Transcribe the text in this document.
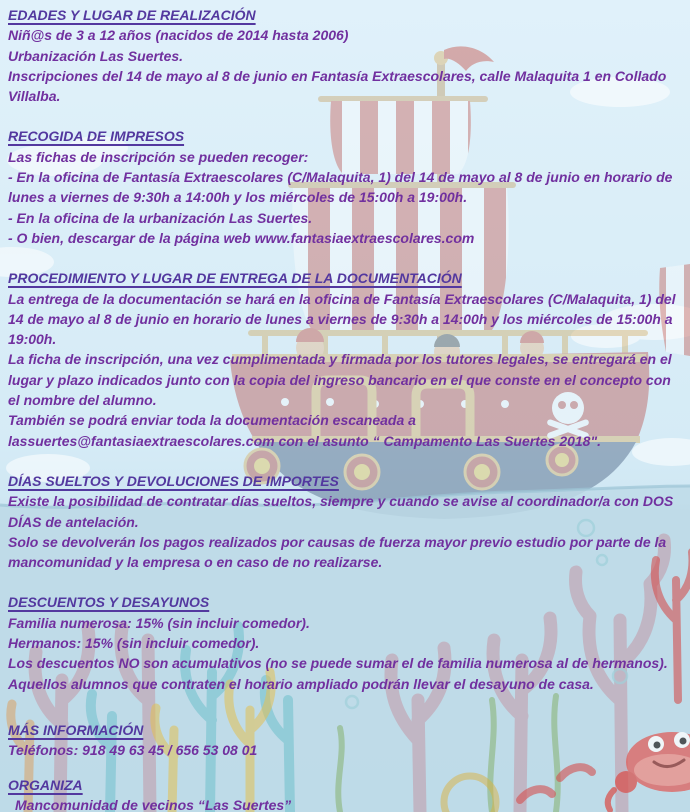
EDADES Y LUGAR DE REALIZACIÓN

Niñ@s de 3 a 12 años (nacidos de 2014 hasta 2006)

Urbanización Las Suertes.

Inscripciones del 14 de mayo al 8 de junio en Fantasía Extraescolares, calle Malaquita 1 en Collado Villalba.

RECOGIDA DE IMPRESOS

Las fichas de inscripción se pueden recoger:

- En la oficina de Fantasía Extraescolares (C/Malaquita, 1) del 14 de mayo al 8 de junio en horario de lunes a viernes de 9:30h a 14:00h y los miércoles de 15:00h a 19:00h.

- En la oficina de la urbanización Las Suertes.

- O bien, descargar de la página web www.fantasiaextraescolares.com

PROCEDIMIENTO Y LUGAR DE ENTREGA DE LA DOCUMENTACIÓN

La entrega de la documentación se hará en la oficina de Fantasía Extraescolares (C/Malaquita, 1) del 14 de mayo al 8 de junio en horario de lunes a viernes de 9:30h a 14:00h y los miércoles de 15:00h a 19:00h.

La ficha de inscripción, una vez cumplimentada y firmada por los tutores legales, se entregará en el lugar y plazo indicados junto con la copia del ingreso bancario en el que conste en el concepto con el nombre del alumno.

También se podrá enviar toda la documentación escaneada a lassuertes@fantasiaextraescolares.com con el asunto “ Campamento Las Suertes 2018".

DÍAS SUELTOS Y DEVOLUCIONES DE IMPORTES

Existe la posibilidad de contratar días sueltos, siempre y cuando se avise al coordinador/a con DOS DÍAS de antelación.

Solo se devolverán los pagos realizados por causas de fuerza mayor previo estudio por parte de la mancomunidad y la empresa o en caso de no realizarse.

DESCUENTOS Y DESAYUNOS

Familia numerosa: 15% (sin incluir comedor).

Hermanos: 15% (sin incluir comedor).

Los descuentos NO son acumulativos (no se puede sumar el de familia numerosa al de hermanos).

Aquellos alumnos que contraten el horario ampliado podrán llevar el desayuno de casa.

MÁS INFORMACIÓN

Teléfonos: 918 49 63 45 / 656 53 08 01

ORGANIZA

Mancomunidad de vecinos “Las Suertes”
